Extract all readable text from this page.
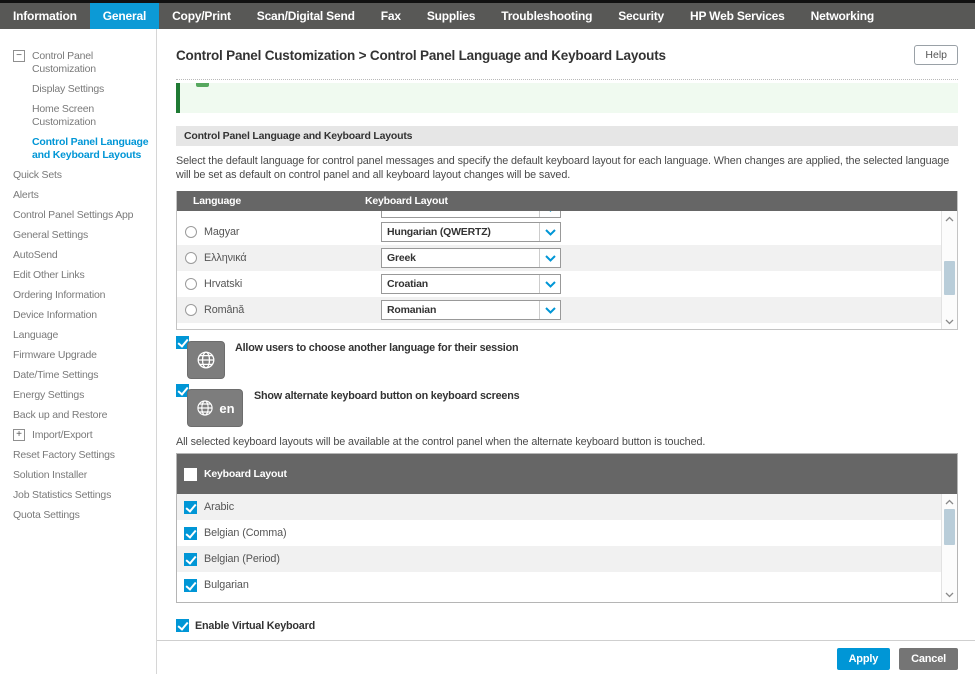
Information	General	Copy/Print	Scan/Digital Send	Fax	Supplies	Troubleshooting	Security	HP Web Services	Networking
− Control Panel Customization
Display Settings
Home Screen Customization
Control Panel Language and Keyboard Layouts
Quick Sets
Alerts
Control Panel Settings App
General Settings
AutoSend
Edit Other Links
Ordering Information
Device Information
Language
Firmware Upgrade
Date/Time Settings
Energy Settings
Back up and Restore
+ Import/Export
Reset Factory Settings
Solution Installer
Job Statistics Settings
Quota Settings
Control Panel Customization > Control Panel Language and Keyboard Layouts	Help
Control Panel Language and Keyboard Layouts

Select the default language for control panel messages and specify the default keyboard layout for each language. When changes are applied, the selected language will be set as default on control panel and all keyboard layout changes will be saved.

Language	Keyboard Layout
Magyar	Hungarian (QWERTZ)
Ελληνικά	Greek
Hrvatski	Croatian
Română	Romanian
Allow users to choose another language for their session
en
Show alternate keyboard button on keyboard screens

All selected keyboard layouts will be available at the control panel when the alternate keyboard button is touched.

Keyboard Layout
Arabic
Belgian (Comma)
Belgian (Period)
Bulgarian
Enable Virtual Keyboard
Apply	Cancel
